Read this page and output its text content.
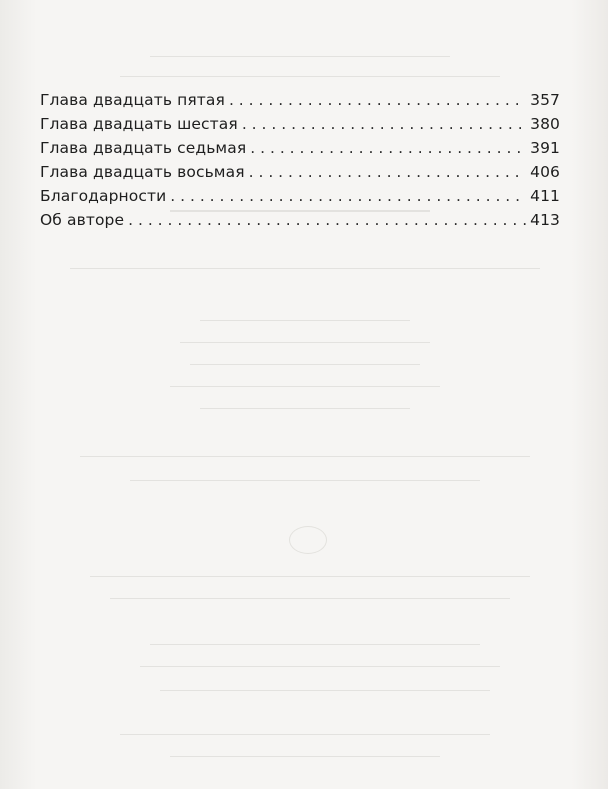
Глава двадцать пятая . . .	357
Глава двадцать шестая . . .	380
Глава двадцать седьмая . . .	391
Глава двадцать восьмая . . .	406
Благодарности . . .	411
Об авторе . . .	413
